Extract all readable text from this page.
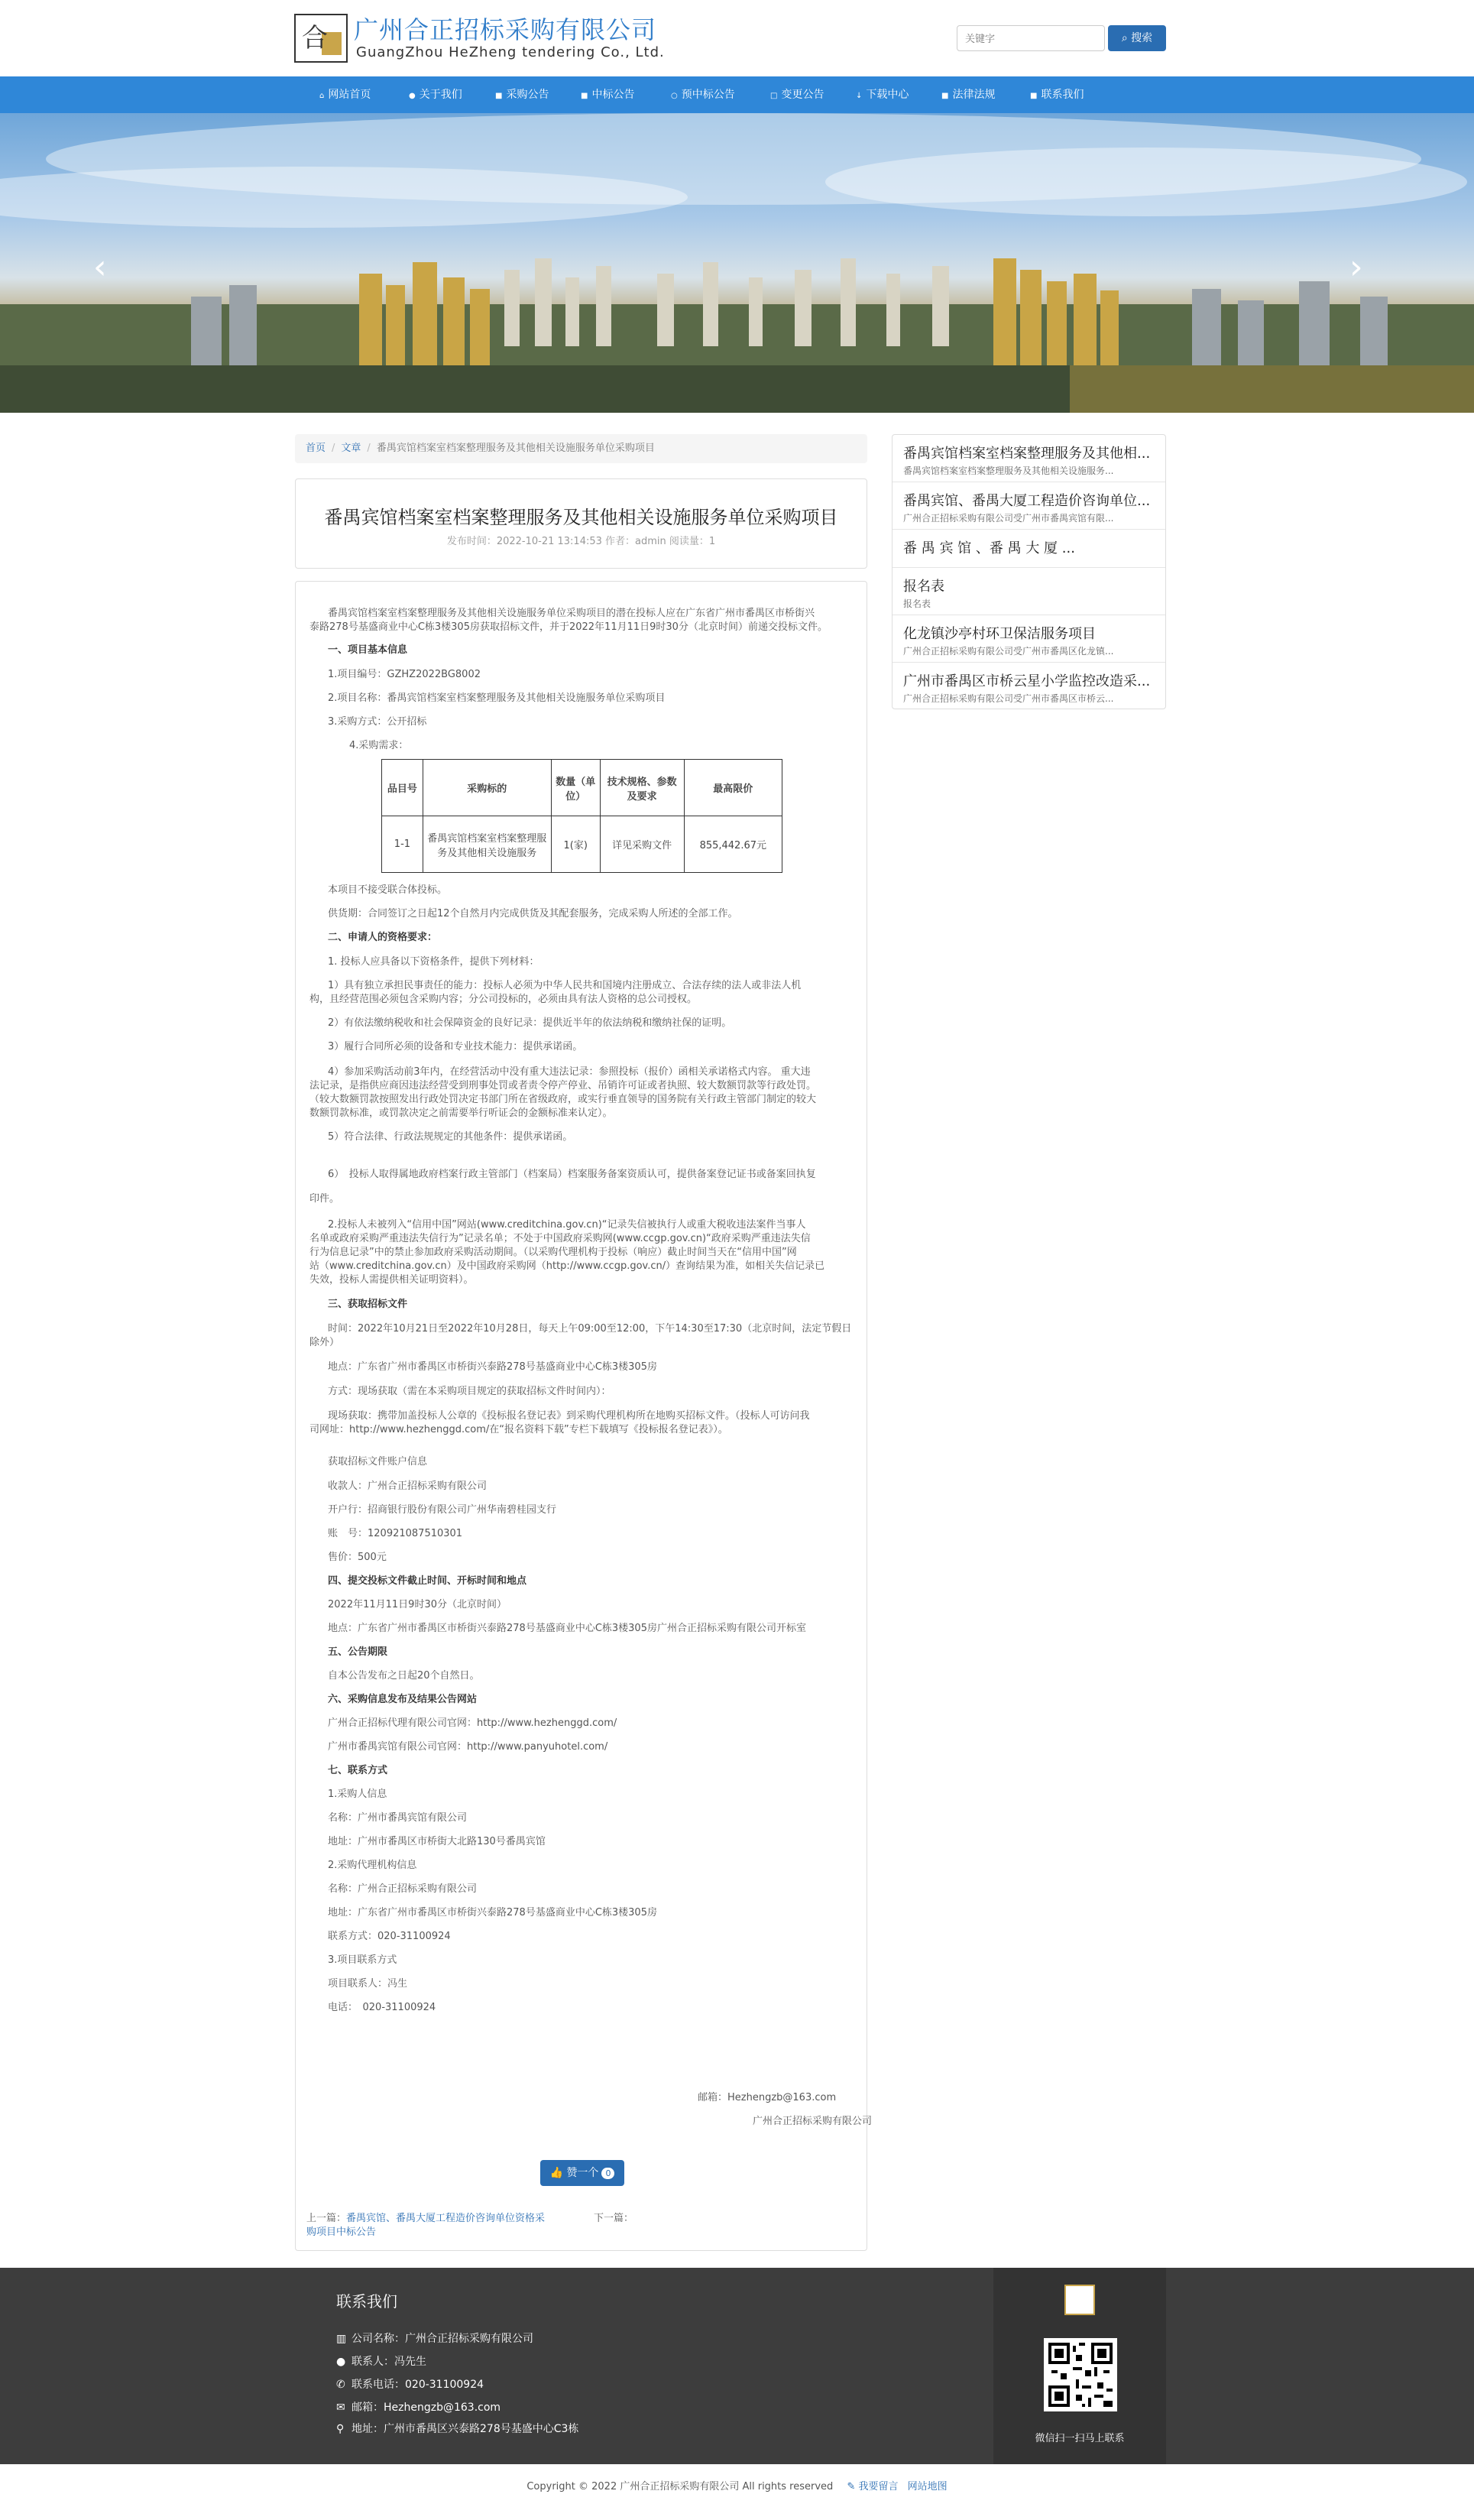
合 广州合正招标采购有限公司
GuangZhou HeZheng tendering Co., Ltd.
关键字
⌕ 搜索
⌂ 网站首页	● 关于我们	■ 采购公告	■ 中标公告	○ 预中标公告	□ 变更公告	↓ 下载中心	■ 法律法规	■ 联系我们
‹	›
首页 / 文章 / 番禺宾馆档案室档案整理服务及其他相关设施服务单位采购项目
番禺宾馆档案室档案整理服务及其他相关设施服务单位采购项目
发布时间：2022-10-21 13:14:53 作者：admin 阅读量：1
番禺宾馆档案室档案整理服务及其他相关设施服务单位采购项目的潜在投标人应在广东省广州市番禺区市桥街兴
泰路278号基盛商业中心C栋3楼305房获取招标文件，并于2022年11月11日9时30分（北京时间）前递交投标文件。
一、项目基本信息
1.项目编号：GZHZ2022BG8002
2.项目名称：番禺宾馆档案室档案整理服务及其他相关设施服务单位采购项目
3.采购方式：公开招标
4.采购需求：
品目号	采购标的	数量（单位）	技术规格、参数及要求	最高限价
1-1	番禺宾馆档案室档案整理服务及其他相关设施服务	1(家)	详见采购文件	855,442.67元
本项目不接受联合体投标。
供货期：合同签订之日起12个自然月内完成供货及其配套服务，完成采购人所述的全部工作。
二、申请人的资格要求：
1. 投标人应具备以下资格条件，提供下列材料：
1）具有独立承担民事责任的能力：投标人必须为中华人民共和国境内注册成立、合法存续的法人或非法人机
构，且经营范围必须包含采购内容；分公司投标的，必须由具有法人资格的总公司授权。
2）有依法缴纳税收和社会保障资金的良好记录：提供近半年的依法纳税和缴纳社保的证明。
3）履行合同所必须的设备和专业技术能力：提供承诺函。
4）参加采购活动前3年内，在经营活动中没有重大违法记录：参照投标（报价）函相关承诺格式内容。 重大违
法记录，是指供应商因违法经营受到刑事处罚或者责令停产停业、吊销许可证或者执照、较大数额罚款等行政处罚。
（较大数额罚款按照发出行政处罚决定书部门所在省级政府，或实行垂直领导的国务院有关行政主管部门制定的较大
数额罚款标准，或罚款决定之前需要举行听证会的金额标准来认定）。
5）符合法律、行政法规规定的其他条件：提供承诺函。
6）　投标人取得属地政府档案行政主管部门（档案局）档案服务备案资质认可，提供备案登记证书或备案回执复
印件。
2.投标人未被列入“信用中国”网站(www.creditchina.gov.cn)“记录失信被执行人或重大税收违法案件当事人
名单或政府采购严重违法失信行为”记录名单；不处于中国政府采购网(www.ccgp.gov.cn)“政府采购严重违法失信
行为信息记录”中的禁止参加政府采购活动期间。（以采购代理机构于投标（响应）截止时间当天在“信用中国”网
站（www.creditchina.gov.cn）及中国政府采购网（http://www.ccgp.gov.cn/）查询结果为准，如相关失信记录已
失效，投标人需提供相关证明资料）。
三、获取招标文件
时间：2022年10月21日至2022年10月28日，每天上午09:00至12:00，下午14:30至17:30（北京时间，法定节假日
除外）
地点：广东省广州市番禺区市桥街兴泰路278号基盛商业中心C栋3楼305房
方式：现场获取（需在本采购项目规定的获取招标文件时间内）：
现场获取：携带加盖投标人公章的《投标报名登记表》到采购代理机构所在地购买招标文件。（投标人可访问我
司网址：http://www.hezhenggd.com/在“报名资料下载”专栏下载填写《投标报名登记表》）。
获取招标文件账户信息
收款人：广州合正招标采购有限公司
开户行：招商银行股份有限公司广州华南碧桂园支行
账　号：120921087510301
售价：500元
四、提交投标文件截止时间、开标时间和地点
2022年11月11日9时30分（北京时间）
地点：广东省广州市番禺区市桥街兴泰路278号基盛商业中心C栋3楼305房广州合正招标采购有限公司开标室
五、公告期限
自本公告发布之日起20个自然日。
六、采购信息发布及结果公告网站
广州合正招标代理有限公司官网：http://www.hezhenggd.com/
广州市番禺宾馆有限公司官网：http://www.panyuhotel.com/
七、联系方式
1.采购人信息
名称：广州市番禺宾馆有限公司
地址：广州市番禺区市桥街大北路130号番禺宾馆
2.采购代理机构信息
名称：广州合正招标采购有限公司
地址：广东省广州市番禺区市桥街兴泰路278号基盛商业中心C栋3楼305房
联系方式：020-31100924
3.项目联系方式
项目联系人：冯生
电话：　020-31100924
邮箱：Hezhengzb@163.com
广州合正招标采购有限公司
👍 赞一个 0
上一篇：番禺宾馆、番禺大厦工程造价咨询单位资格采
购项目中标公告
下一篇：
番禺宾馆档案室档案整理服务及其他相...
番禺宾馆档案室档案整理服务及其他相关设施服务...
番禺宾馆、番禺大厦工程造价咨询单位...
广州合正招标采购有限公司受广州市番禺宾馆有限...
番 禺 宾 馆 、番 禺 大 厦 ...
报名表
报名表
化龙镇沙亭村环卫保洁服务项目
广州合正招标采购有限公司受广州市番禺区化龙镇...
广州市番禺区市桥云星小学监控改造采...
广州合正招标采购有限公司受广州市番禺区市桥云...
联系我们
▥ 公司名称：广州合正招标采购有限公司
● 联系人：冯先生
✆ 联系电话：020-31100924
✉ 邮箱：Hezhengzb@163.com
⚲ 地址：广州市番禺区兴泰路278号基盛中心C3栋
微信扫一扫马上联系
Copyright © 2022 广州合正招标采购有限公司 All rights reserved ✎ 我要留言 网站地图
